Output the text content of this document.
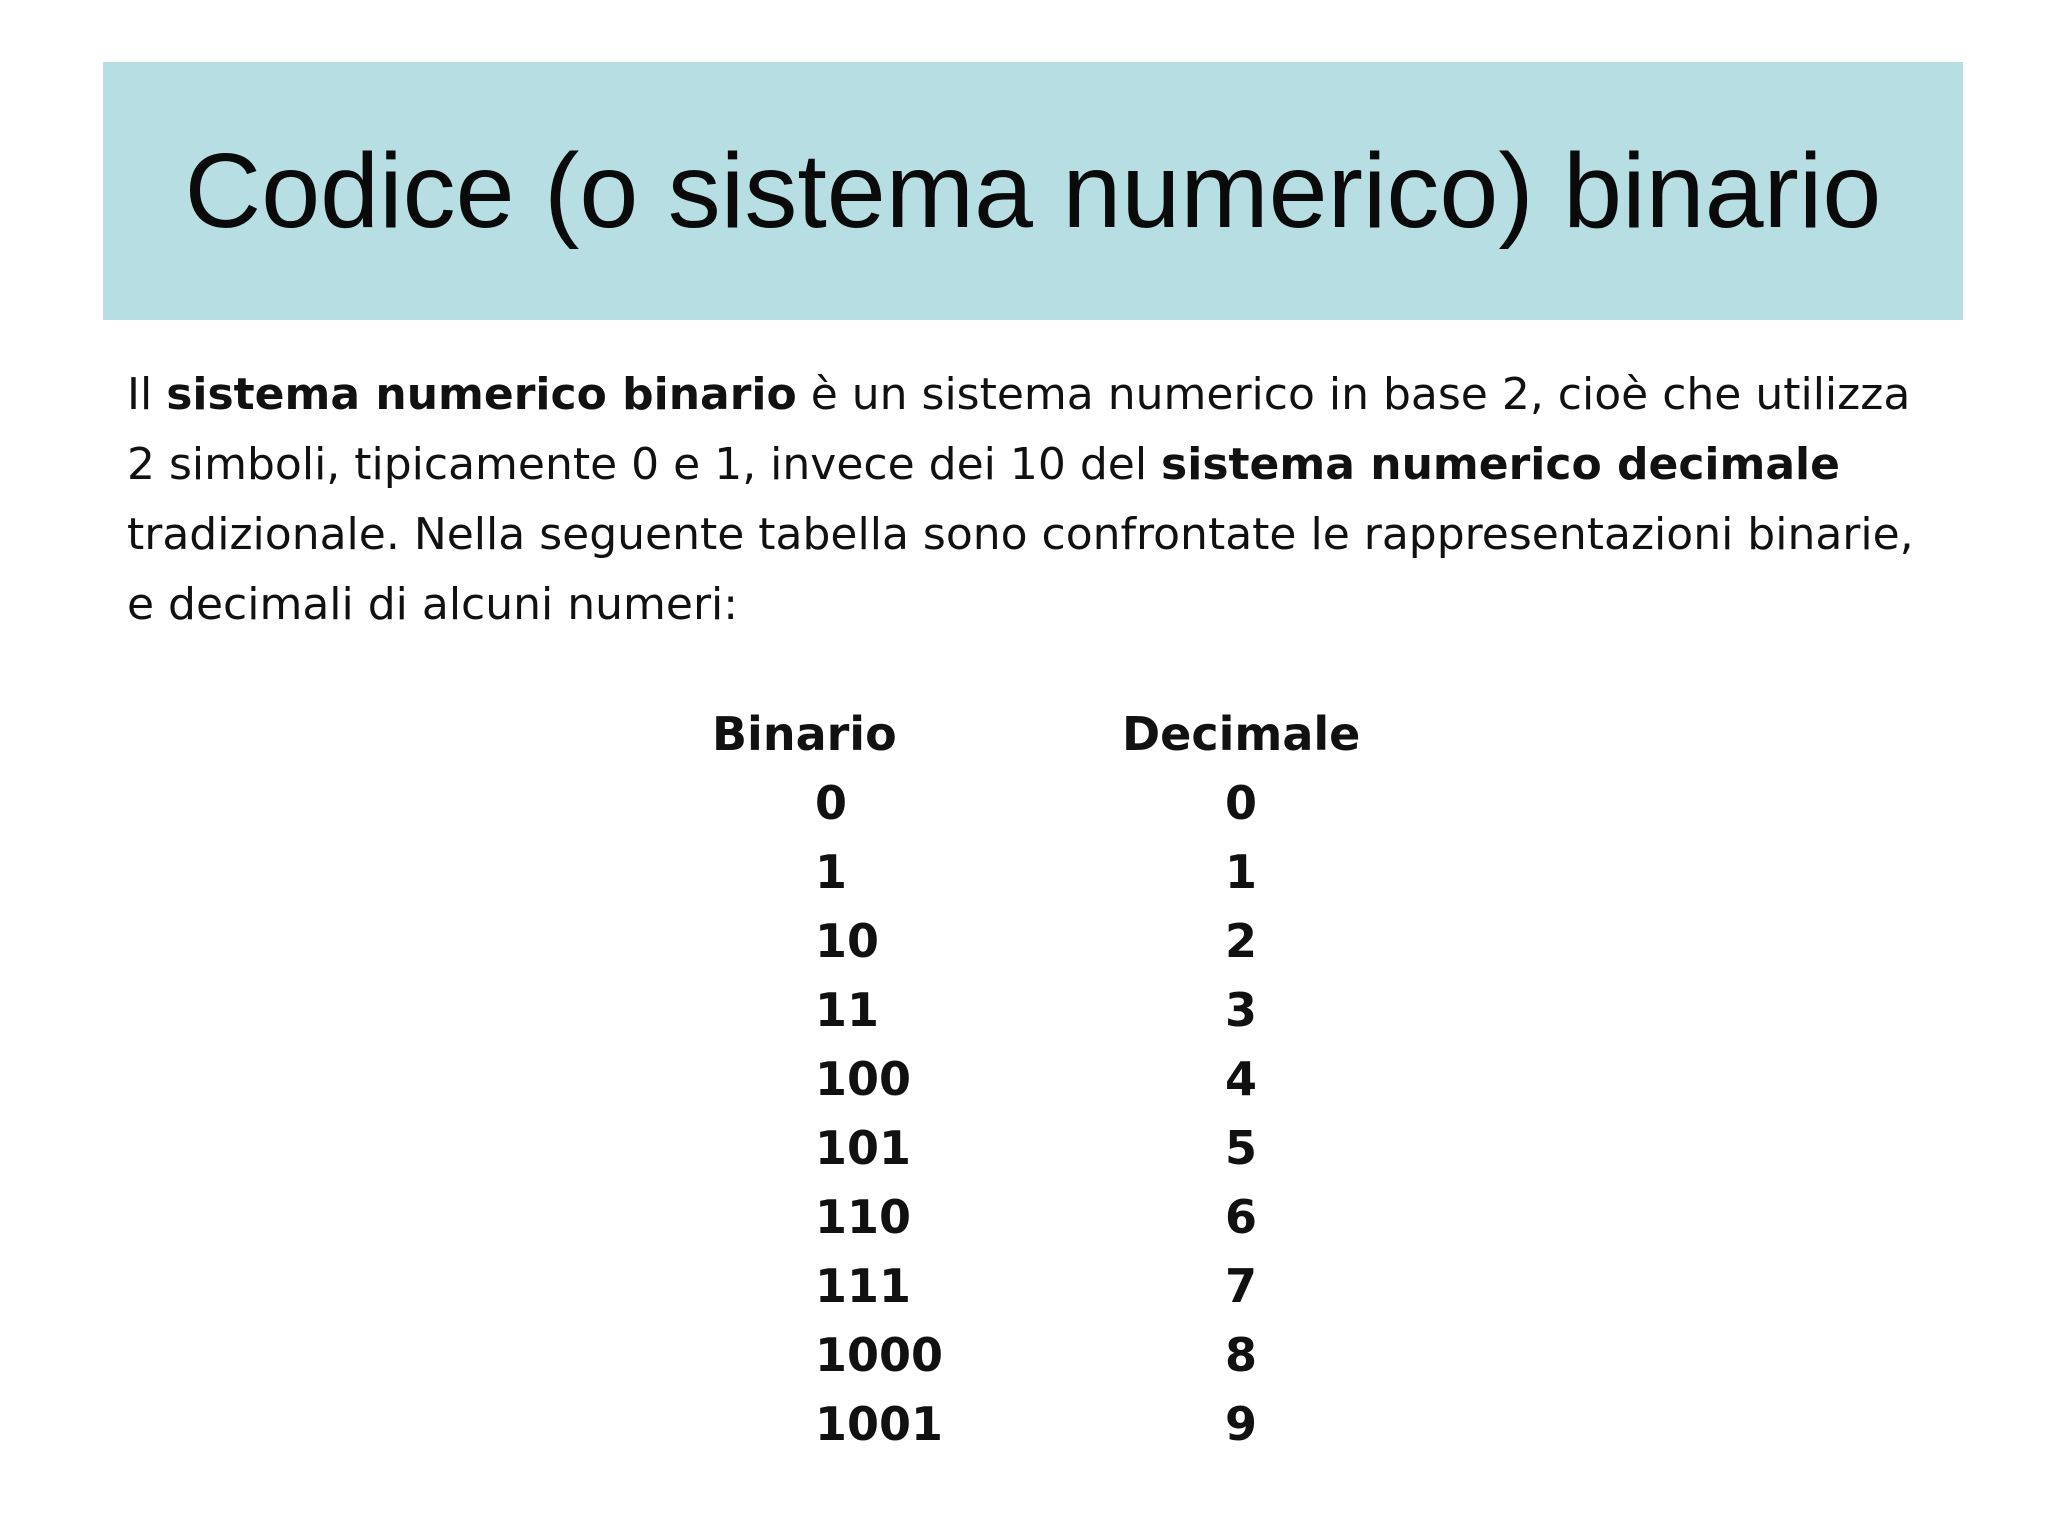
Codice (o sistema numerico) binario

Il sistema numerico binario è un sistema numerico in base 2, cioè che utilizza 2 simboli, tipicamente 0 e 1, invece dei 10 del sistema numerico decimale tradizionale. Nella seguente tabella sono confrontate le rappresentazioni binarie, e decimali di alcuni numeri:

Binario
0
1
10
11
100
101
110
111
1000
1001
Decimale
0
1
2
3
4
5
6
7
8
9
